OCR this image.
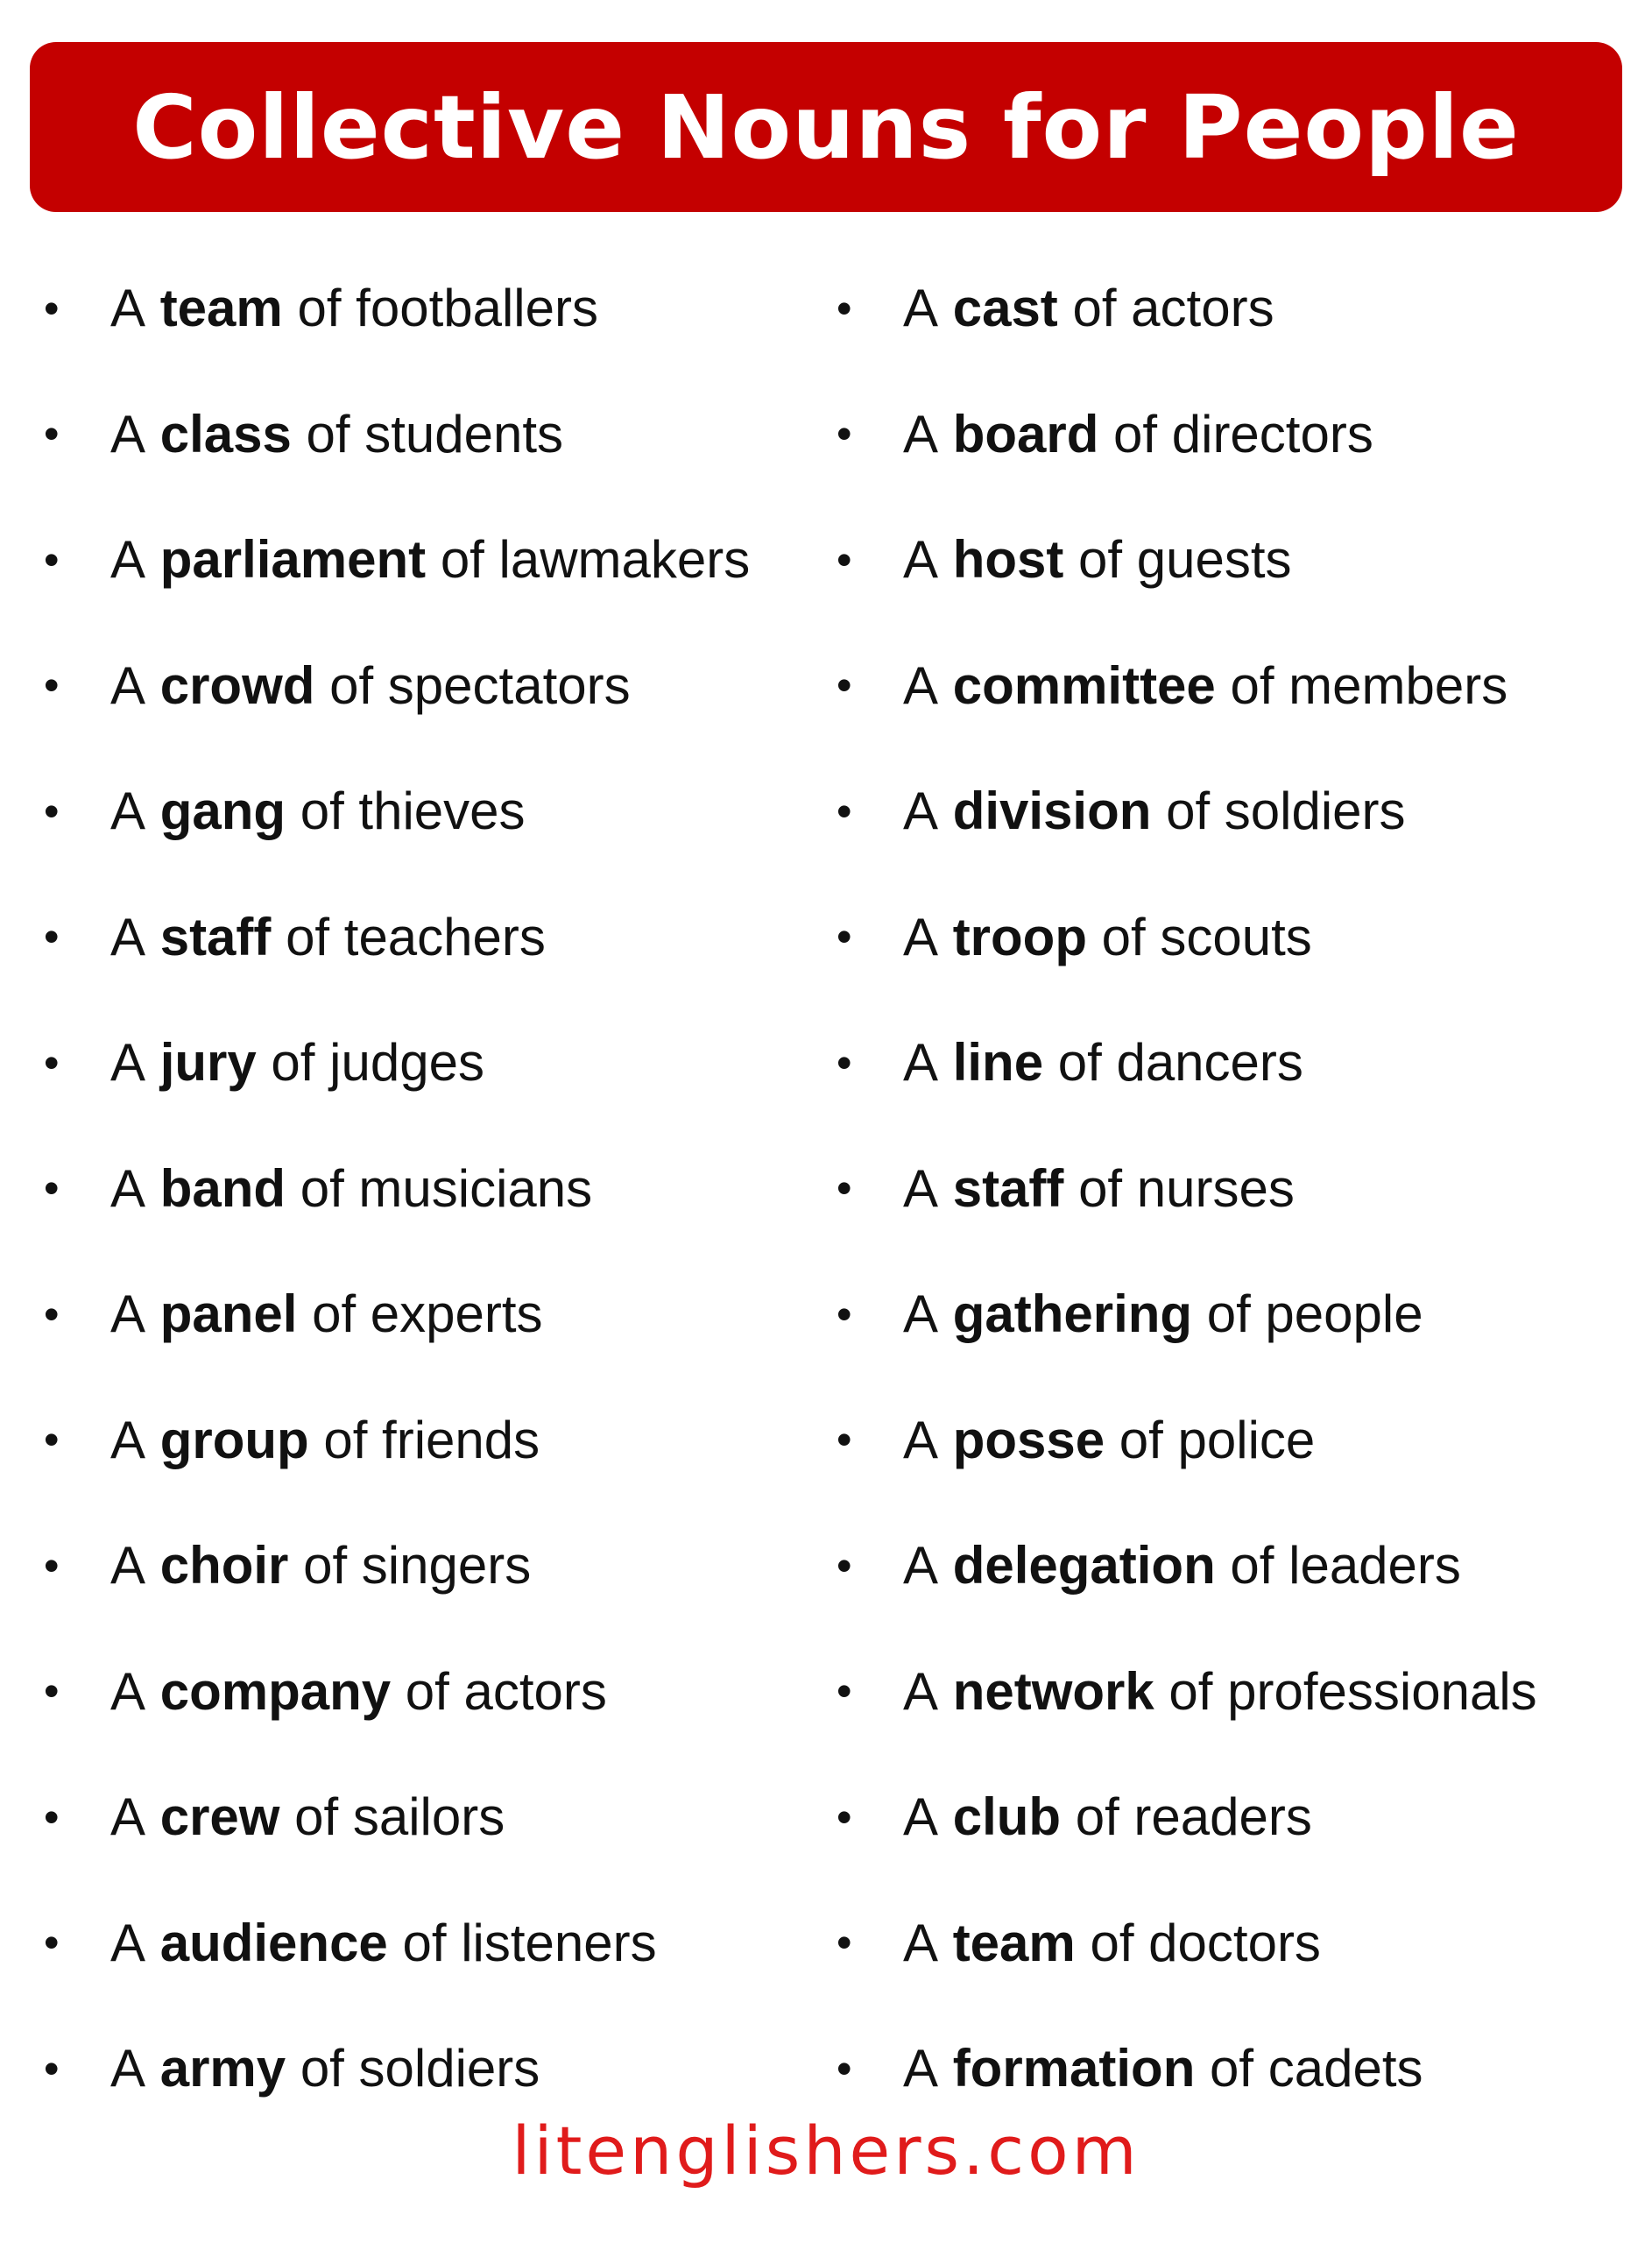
Collective Nouns for People
• A
team
of footballers
• A
class
of students
• A
parliament
of lawmakers
• A
crowd
of spectators
• A
gang
of thieves
• A
staff
of teachers
• A
jury
of judges
• A
band
of musicians
• A
panel
of experts
• A
group
of friends
• A
choir
of singers
• A
company
of actors
• A
crew
of sailors
• A
audience
of listeners
• A
army
of soldiers
• A
cast
of actors
• A
board
of directors
• A
host
of guests
• A
committee
of members
• A
division
of soldiers
• A
troop
of scouts
• A
line
of dancers
• A
staff
of nurses
• A
gathering
of people
• A
posse
of police
• A
delegation
of leaders
• A
network
of professionals
• A
club
of readers
• A
team
of doctors
• A
formation
of cadets
litenglishers.com
